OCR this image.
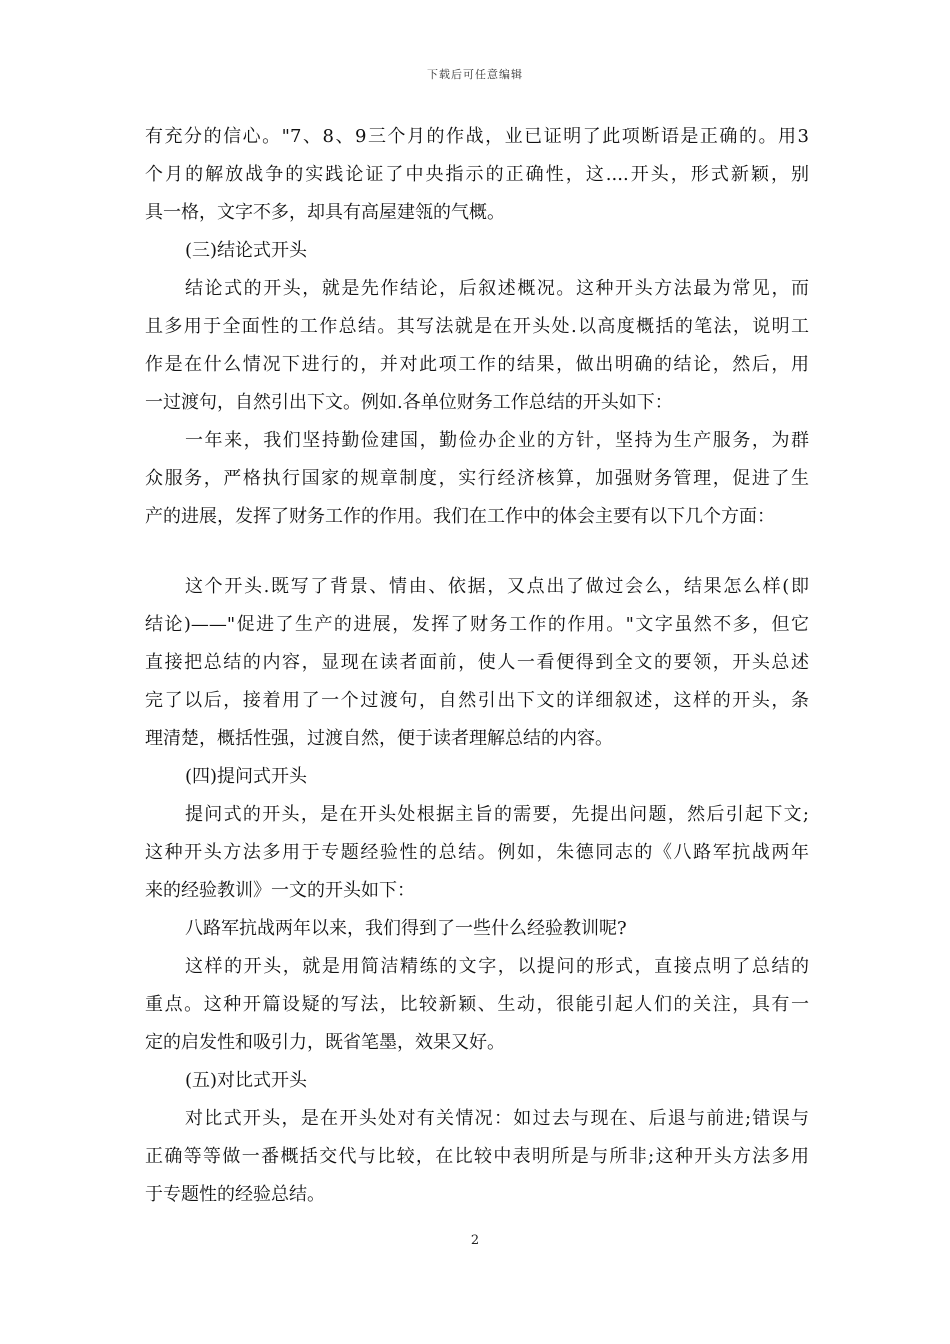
下载后可任意编辑
有充分的信心。"7、8、9三个月的作战，业已证明了此项断语是正确的。用3
个月的解放战争的实践论证了中央指示的正确性，这....开头，形式新颖，别
具一格，文字不多，却具有高屋建瓴的气概。
(三)结论式开头
结论式的开头，就是先作结论，后叙述概况。这种开头方法最为常见，而
且多用于全面性的工作总结。其写法就是在开头处.以高度概括的笔法，说明工
作是在什么情况下进行的，并对此项工作的结果，做出明确的结论，然后，用
一过渡句，自然引出下文。例如.各单位财务工作总结的开头如下：
一年来，我们坚持勤俭建国，勤俭办企业的方针，坚持为生产服务，为群
众服务，严格执行国家的规章制度，实行经济核算，加强财务管理，促进了生
产的进展，发挥了财务工作的作用。我们在工作中的体会主要有以下几个方面：
这个开头.既写了背景、情由、依据，又点出了做过会么，结果怎么样(即
结论)——"促进了生产的进展，发挥了财务工作的作用。"文字虽然不多，但它
直接把总结的内容，显现在读者面前，使人一看便得到全文的要领，开头总述
完了以后，接着用了一个过渡句，自然引出下文的详细叙述，这样的开头，条
理清楚，概括性强，过渡自然，便于读者理解总结的内容。
(四)提问式开头
提问式的开头，是在开头处根据主旨的需要，先提出问题，然后引起下文;
这种开头方法多用于专题经验性的总结。例如，朱德同志的《八路军抗战两年
来的经验教训》一文的开头如下：
八路军抗战两年以来，我们得到了一些什么经验教训呢?
这样的开头，就是用简洁精练的文字，以提问的形式，直接点明了总结的
重点。这种开篇设疑的写法，比较新颖、生动，很能引起人们的关注，具有一
定的启发性和吸引力，既省笔墨，效果又好。
(五)对比式开头
对比式开头，是在开头处对有关情况：如过去与现在、后退与前进;错误与
正确等等做一番概括交代与比较，在比较中表明所是与所非;这种开头方法多用
于专题性的经验总结。
2
